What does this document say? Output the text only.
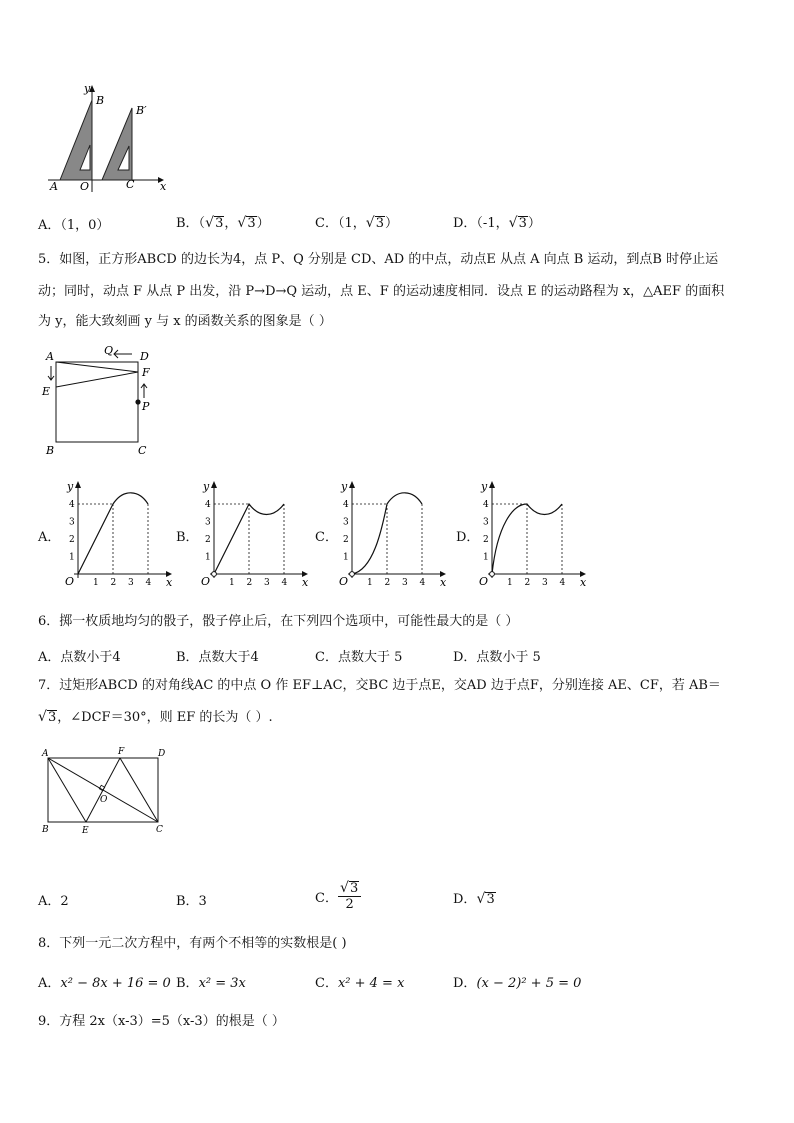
y
x
B
B′
A O	C
A．（1，0）	B．（ √ 3， √ 3）	C．（1， √ 3）	D．（-1， √ 3）
5．如图，正方形ABCD 的边长为4，点 P、Q 分别是 CD、AD 的中点，动点E 从点 A 向点 B 运动，到点B 时停止运
动；同时，动点 F 从点 P 出发，沿 P→D→Q 运动，点 E、F 的运动速度相同．设点 E 的运动路程为 x，△AEF 的面积
为 y，能大致刻画 y 与 x 的函数关系的图象是（ ）
A	Q D
F
E
P
B	C
A．	B．	C．	D．
1 2 3 4
1
2
3
4
O	x
y
1 2 3 4
1
2
3
4
O	x
y
1 2 3 4
1
2
3
4
O	x
y
1 2 3 4
1
2
3
4
O	x
y
6．掷一枚质地均匀的骰子，骰子停止后，在下列四个选项中，可能性最大的是（ ）
A．点数小于4	B．点数大于4	C．点数大于 5	D．点数小于 5
7．过矩形ABCD 的对角线AC 的中点 O 作 EF⊥AC，交BC 边于点E，交AD 边于点F，分别连接 AE、CF，若 AB＝
√ 3，∠DCF＝30°，则 EF 的长为（ ）.
A	F	D
O
B	E	C
A．2	B．3	C． $\frac{√ 3}{2}$	D． √ 3
8．下列一元二次方程中，有两个不相等的实数根是( )
A．x² − 8x + 16 = 0 B．x² = 3x	C．x² + 4 = x	D．(x − 2)² + 5 = 0
9．方程 2x（x-3）=5（x-3）的根是（ ）
